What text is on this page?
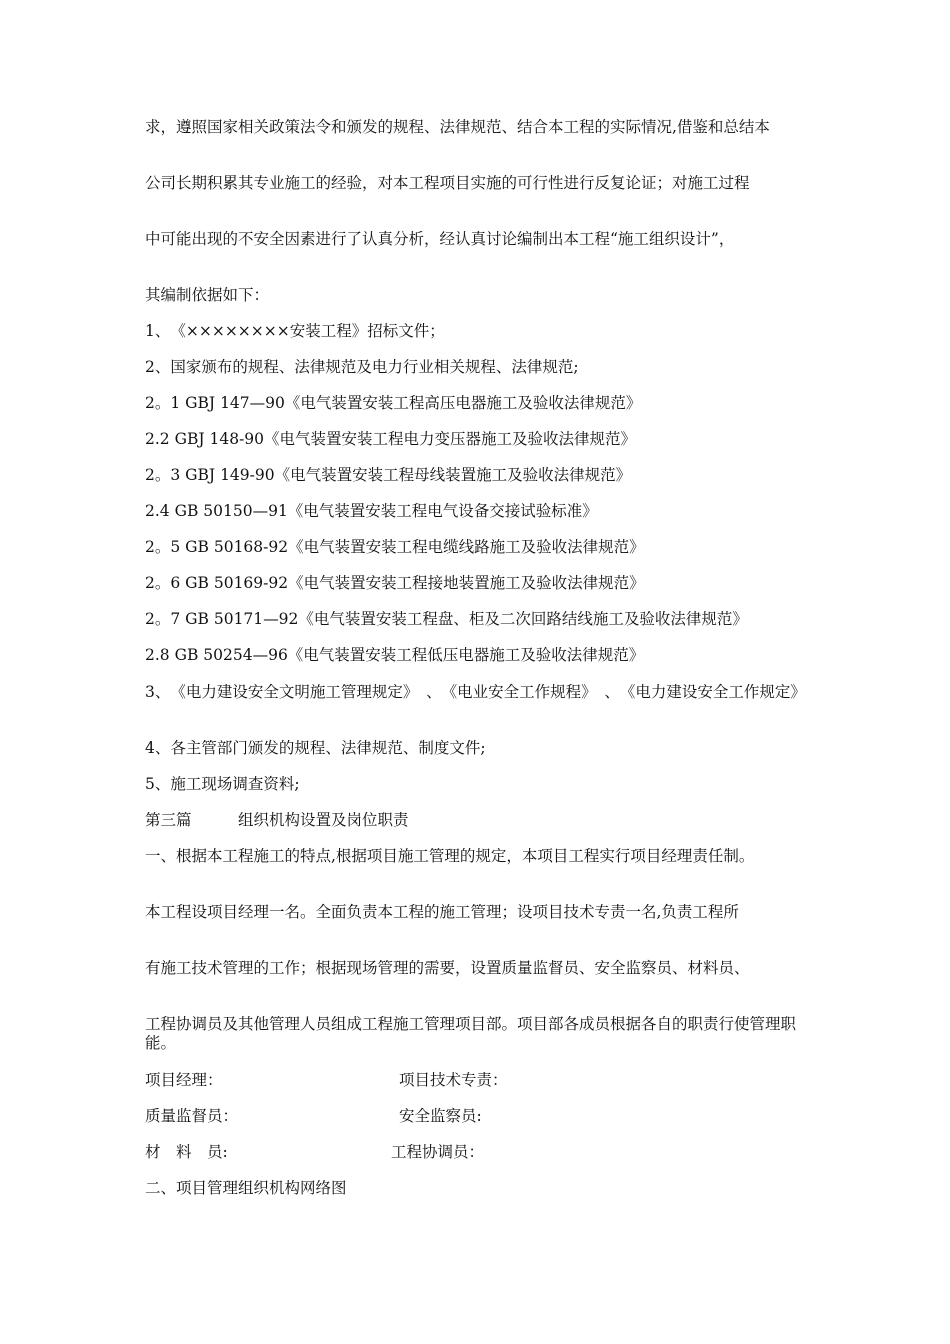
求，遵照国家相关政策法令和颁发的规程、法律规范、结合本工程的实际情况,借鉴和总结本
公司长期积累其专业施工的经验，对本工程项目实施的可行性进行反复论证；对施工过程
中可能出现的不安全因素进行了认真分析，经认真讨论编制出本工程“施工组织设计”，
其编制依据如下：
1、　《××××××××安装工程》招标文件；
2、国家颁布的规程、法律规范及电力行业相关规程、法律规范;
2。1 GBJ 147—90《电气装置安装工程高压电器施工及验收法律规范》
2.2 GBJ 148-90《电气装置安装工程电力变压器施工及验收法律规范》
2。3 GBJ 149-90《电气装置安装工程母线装置施工及验收法律规范》
2.4 GB 50150—91《电气装置安装工程电气设备交接试验标准》
2。5 GB 50168-92《电气装置安装工程电缆线路施工及验收法律规范》
2。6 GB 50169-92《电气装置安装工程接地装置施工及验收法律规范》
2。7 GB 50171—92《电气装置安装工程盘、柜及二次回路结线施工及验收法律规范》
2.8 GB 50254—96《电气装置安装工程低压电器施工及验收法律规范》
3、　《电力建设安全文明施工管理规定》　、　《电业安全工作规程》　、　《电力建设安全工作规定》
4、各主管部门颁发的规程、法律规范、制度文件;
5、施工现场调查资料;
第三篇　　　组织机构设置及岗位职责
一、根据本工程施工的特点,根据项目施工管理的规定，本项目工程实行项目经理责任制。
本工程设项目经理一名。全面负责本工程的施工管理；设项目技术专责一名,负责工程所
有施工技术管理的工作；根据现场管理的需要，设置质量监督员、安全监察员、材料员、
工程协调员及其他管理人员组成工程施工管理项目部。项目部各成员根据各自的职责行使管理职能。
项目经理：	项目技术专责：
质量监督员：	安全监察员:
材　料　员:	工程协调员：
二、项目管理组织机构网络图
